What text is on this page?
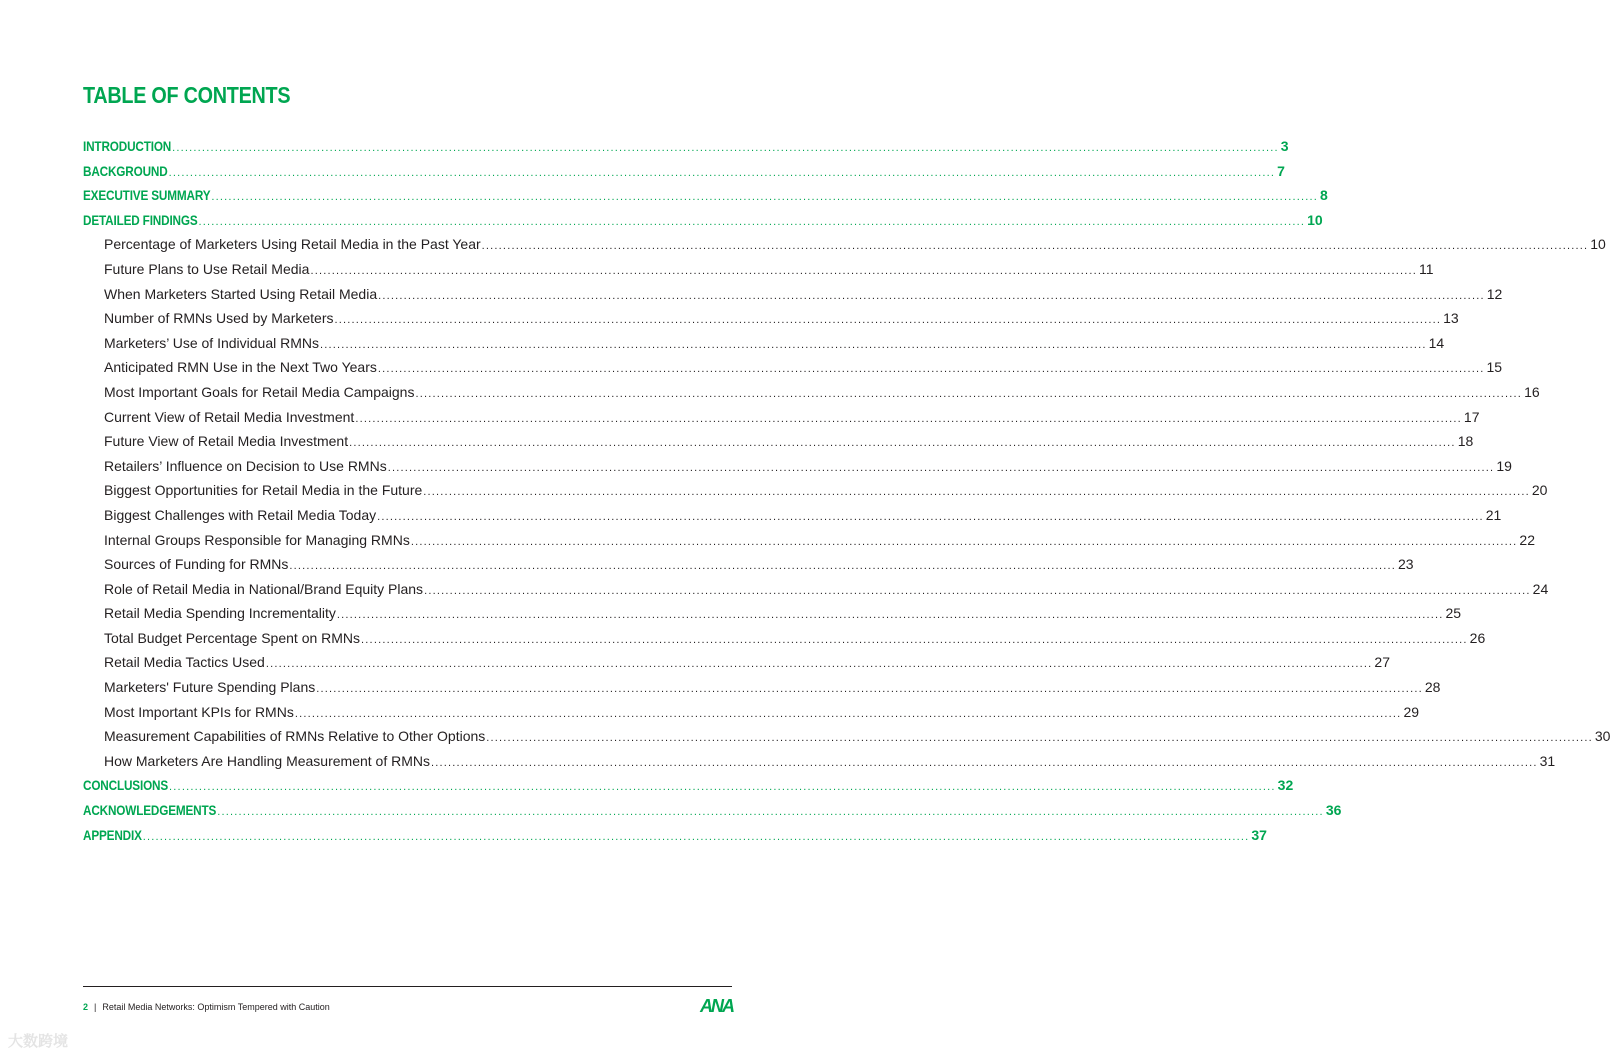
TABLE OF CONTENTS
INTRODUCTION .................................................................................................................................................................................................................................................................... 3
BACKGROUND .................................................................................................................................................................................................................................................................... 7
EXECUTIVE SUMMARY .................................................................................................................................................................................................................................................................... 8
DETAILED FINDINGS .................................................................................................................................................................................................................................................................... 10
Percentage of Marketers Using Retail Media in the Past Year .................................................................................................................................................................................................................................................................... 10
Future Plans to Use Retail Media .................................................................................................................................................................................................................................................................... 11
When Marketers Started Using Retail Media .................................................................................................................................................................................................................................................................... 12
Number of RMNs Used by Marketers .................................................................................................................................................................................................................................................................... 13
Marketers’ Use of Individual RMNs .................................................................................................................................................................................................................................................................... 14
Anticipated RMN Use in the Next Two Years .................................................................................................................................................................................................................................................................... 15
Most Important Goals for Retail Media Campaigns .................................................................................................................................................................................................................................................................... 16
Current View of Retail Media Investment .................................................................................................................................................................................................................................................................... 17
Future View of Retail Media Investment .................................................................................................................................................................................................................................................................... 18
Retailers’ Influence on Decision to Use RMNs .................................................................................................................................................................................................................................................................... 19
Biggest Opportunities for Retail Media in the Future .................................................................................................................................................................................................................................................................... 20
Biggest Challenges with Retail Media Today .................................................................................................................................................................................................................................................................... 21
Internal Groups Responsible for Managing RMNs .................................................................................................................................................................................................................................................................... 22
Sources of Funding for RMNs .................................................................................................................................................................................................................................................................... 23
Role of Retail Media in National/Brand Equity Plans .................................................................................................................................................................................................................................................................... 24
Retail Media Spending Incrementality .................................................................................................................................................................................................................................................................... 25
Total Budget Percentage Spent on RMNs .................................................................................................................................................................................................................................................................... 26
Retail Media Tactics Used .................................................................................................................................................................................................................................................................... 27
Marketers' Future Spending Plans .................................................................................................................................................................................................................................................................... 28
Most Important KPIs for RMNs .................................................................................................................................................................................................................................................................... 29
Measurement Capabilities of RMNs Relative to Other Options .................................................................................................................................................................................................................................................................... 30
How Marketers Are Handling Measurement of RMNs .................................................................................................................................................................................................................................................................... 31
CONCLUSIONS .................................................................................................................................................................................................................................................................... 32
ACKNOWLEDGEMENTS .................................................................................................................................................................................................................................................................... 36
APPENDIX .................................................................................................................................................................................................................................................................... 37
2 | Retail Media Networks: Optimism Tempered with Caution	ANA
大数跨境
